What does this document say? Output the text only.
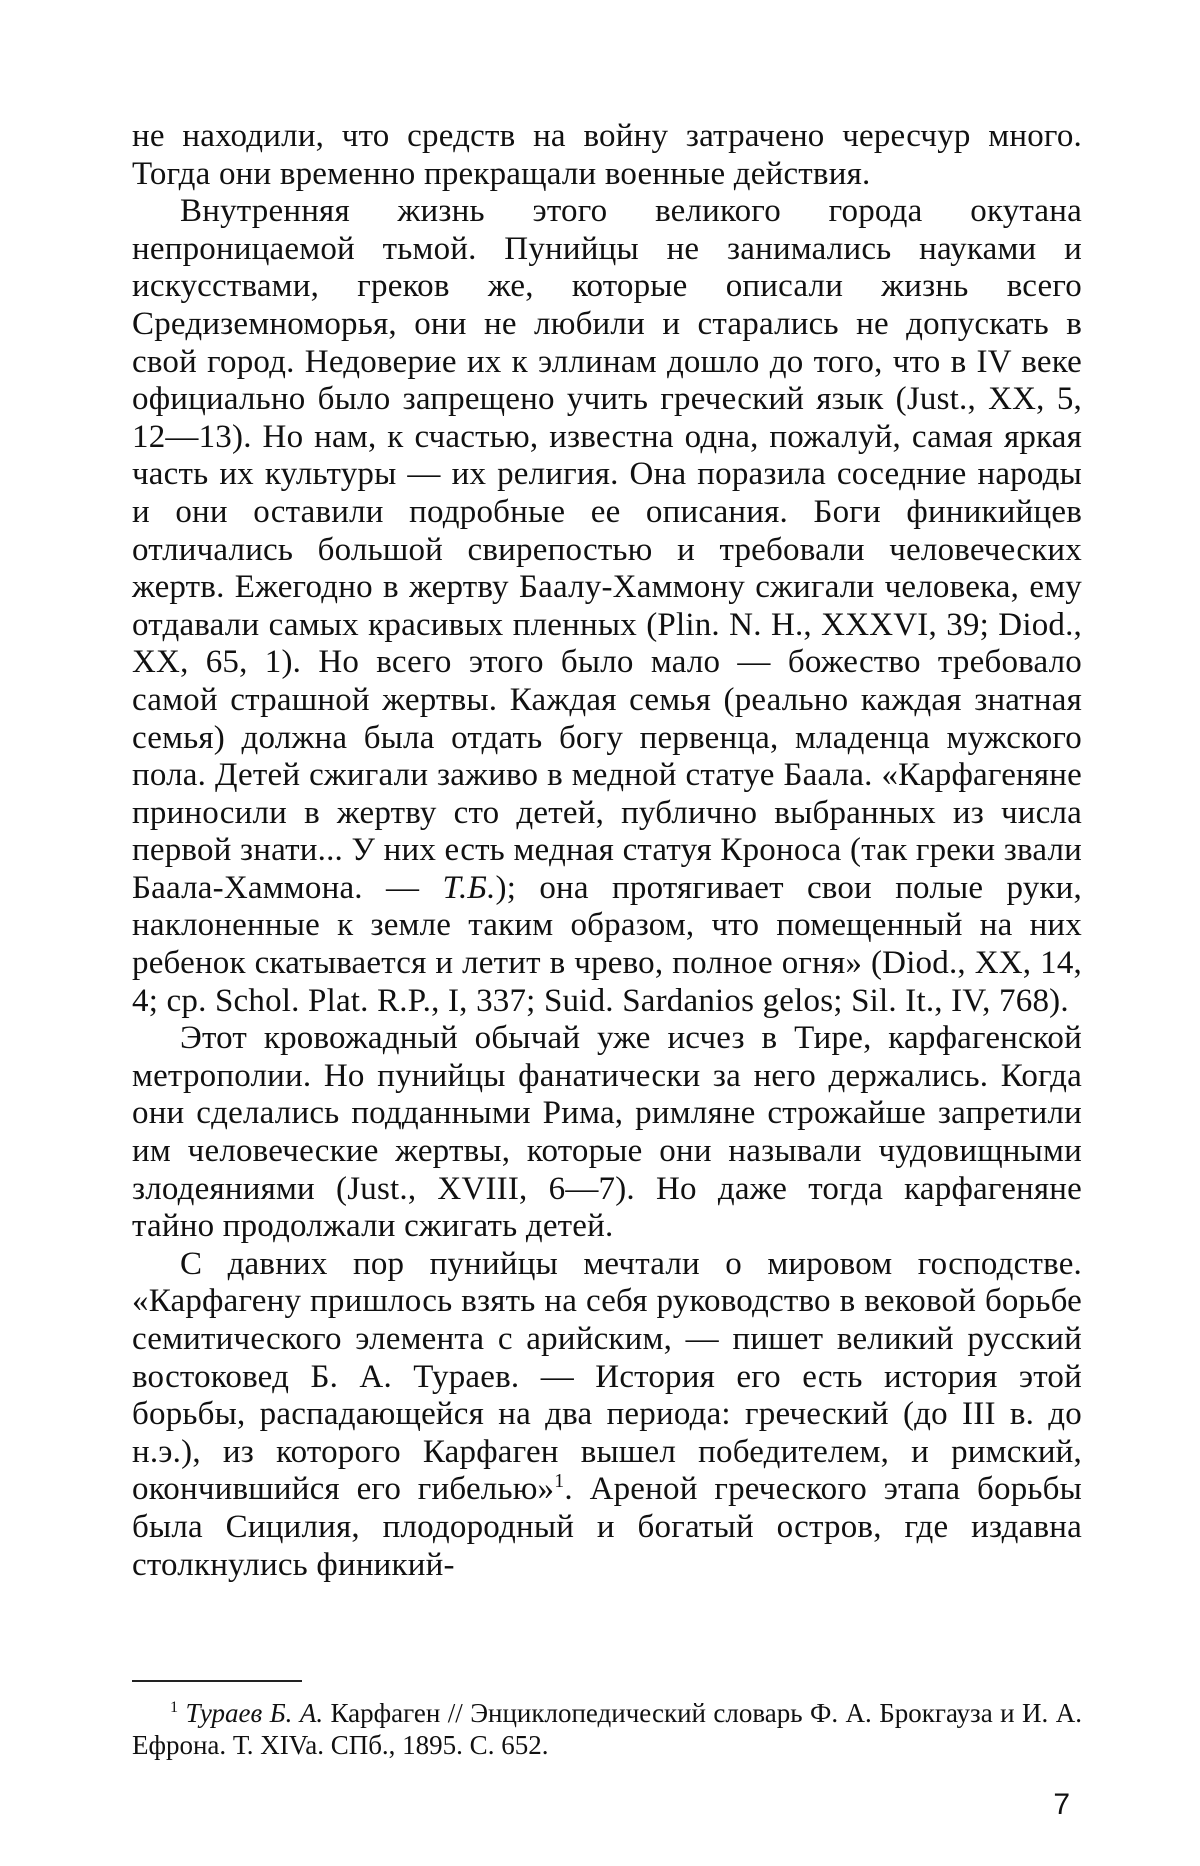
не находили, что средств на войну затрачено чересчур много. Тогда они временно прекращали военные действия.

Внутренняя жизнь этого великого города окутана непроницаемой тьмой. Пунийцы не занимались науками и искусствами, греков же, которые описали жизнь всего Средиземноморья, они не любили и старались не допускать в свой город. Недоверие их к эллинам дошло до того, что в IV веке официально было запрещено учить греческий язык (Just., XX, 5, 12—13). Но нам, к счастью, известна одна, пожалуй, самая яркая часть их культуры — их религия. Она поразила соседние народы и они оставили подробные ее описания. Боги финикийцев отличались большой свирепостью и требовали человеческих жертв. Ежегодно в жертву Баалу-Хаммону сжигали человека, ему отдавали самых красивых пленных (Plin. N. H., XXXVI, 39; Diod., XX, 65, 1). Но всего этого было мало — божество требовало самой страшной жертвы. Каждая семья (реально каждая знатная семья) должна была отдать богу первенца, младенца мужского пола. Детей сжигали заживо в медной статуе Баала. «Карфагеняне приносили в жертву сто детей, публично выбранных из числа первой знати... У них есть медная статуя Кроноса (так греки звали Баала-Хаммона. — Т.Б.); она протягивает свои полые руки, наклоненные к земле таким образом, что помещенный на них ребенок скатывается и летит в чрево, полное огня» (Diod., XX, 14, 4; ср. Schol. Plat. R.P., I, 337; Suid. Sardanios gelos; Sil. It., IV, 768).

Этот кровожадный обычай уже исчез в Тире, карфагенской метрополии. Но пунийцы фанатически за него держались. Когда они сделались подданными Рима, римляне строжайше запретили им человеческие жертвы, которые они называли чудовищными злодеяниями (Just., XVIII, 6—7). Но даже тогда карфагеняне тайно продолжали сжигать детей.

С давних пор пунийцы мечтали о мировом господстве. «Карфагену пришлось взять на себя руководство в вековой борьбе семитического элемента с арийским, — пишет великий русский востоковед Б. А. Тураев. — История его есть история этой борьбы, распадающейся на два периода: греческий (до III в. до н.э.), из которого Карфаген вышел победителем, и римский, окончившийся его гибелью»$^1$. Ареной греческого этапа борьбы была Сицилия, плодородный и богатый остров, где издавна столкнулись финикий-

$^1$ Тураев Б. А. Карфаген // Энциклопедический словарь Ф. А. Брокгауза и И. А. Ефрона. Т. XIVa. СПб., 1895. С. 652.
7
